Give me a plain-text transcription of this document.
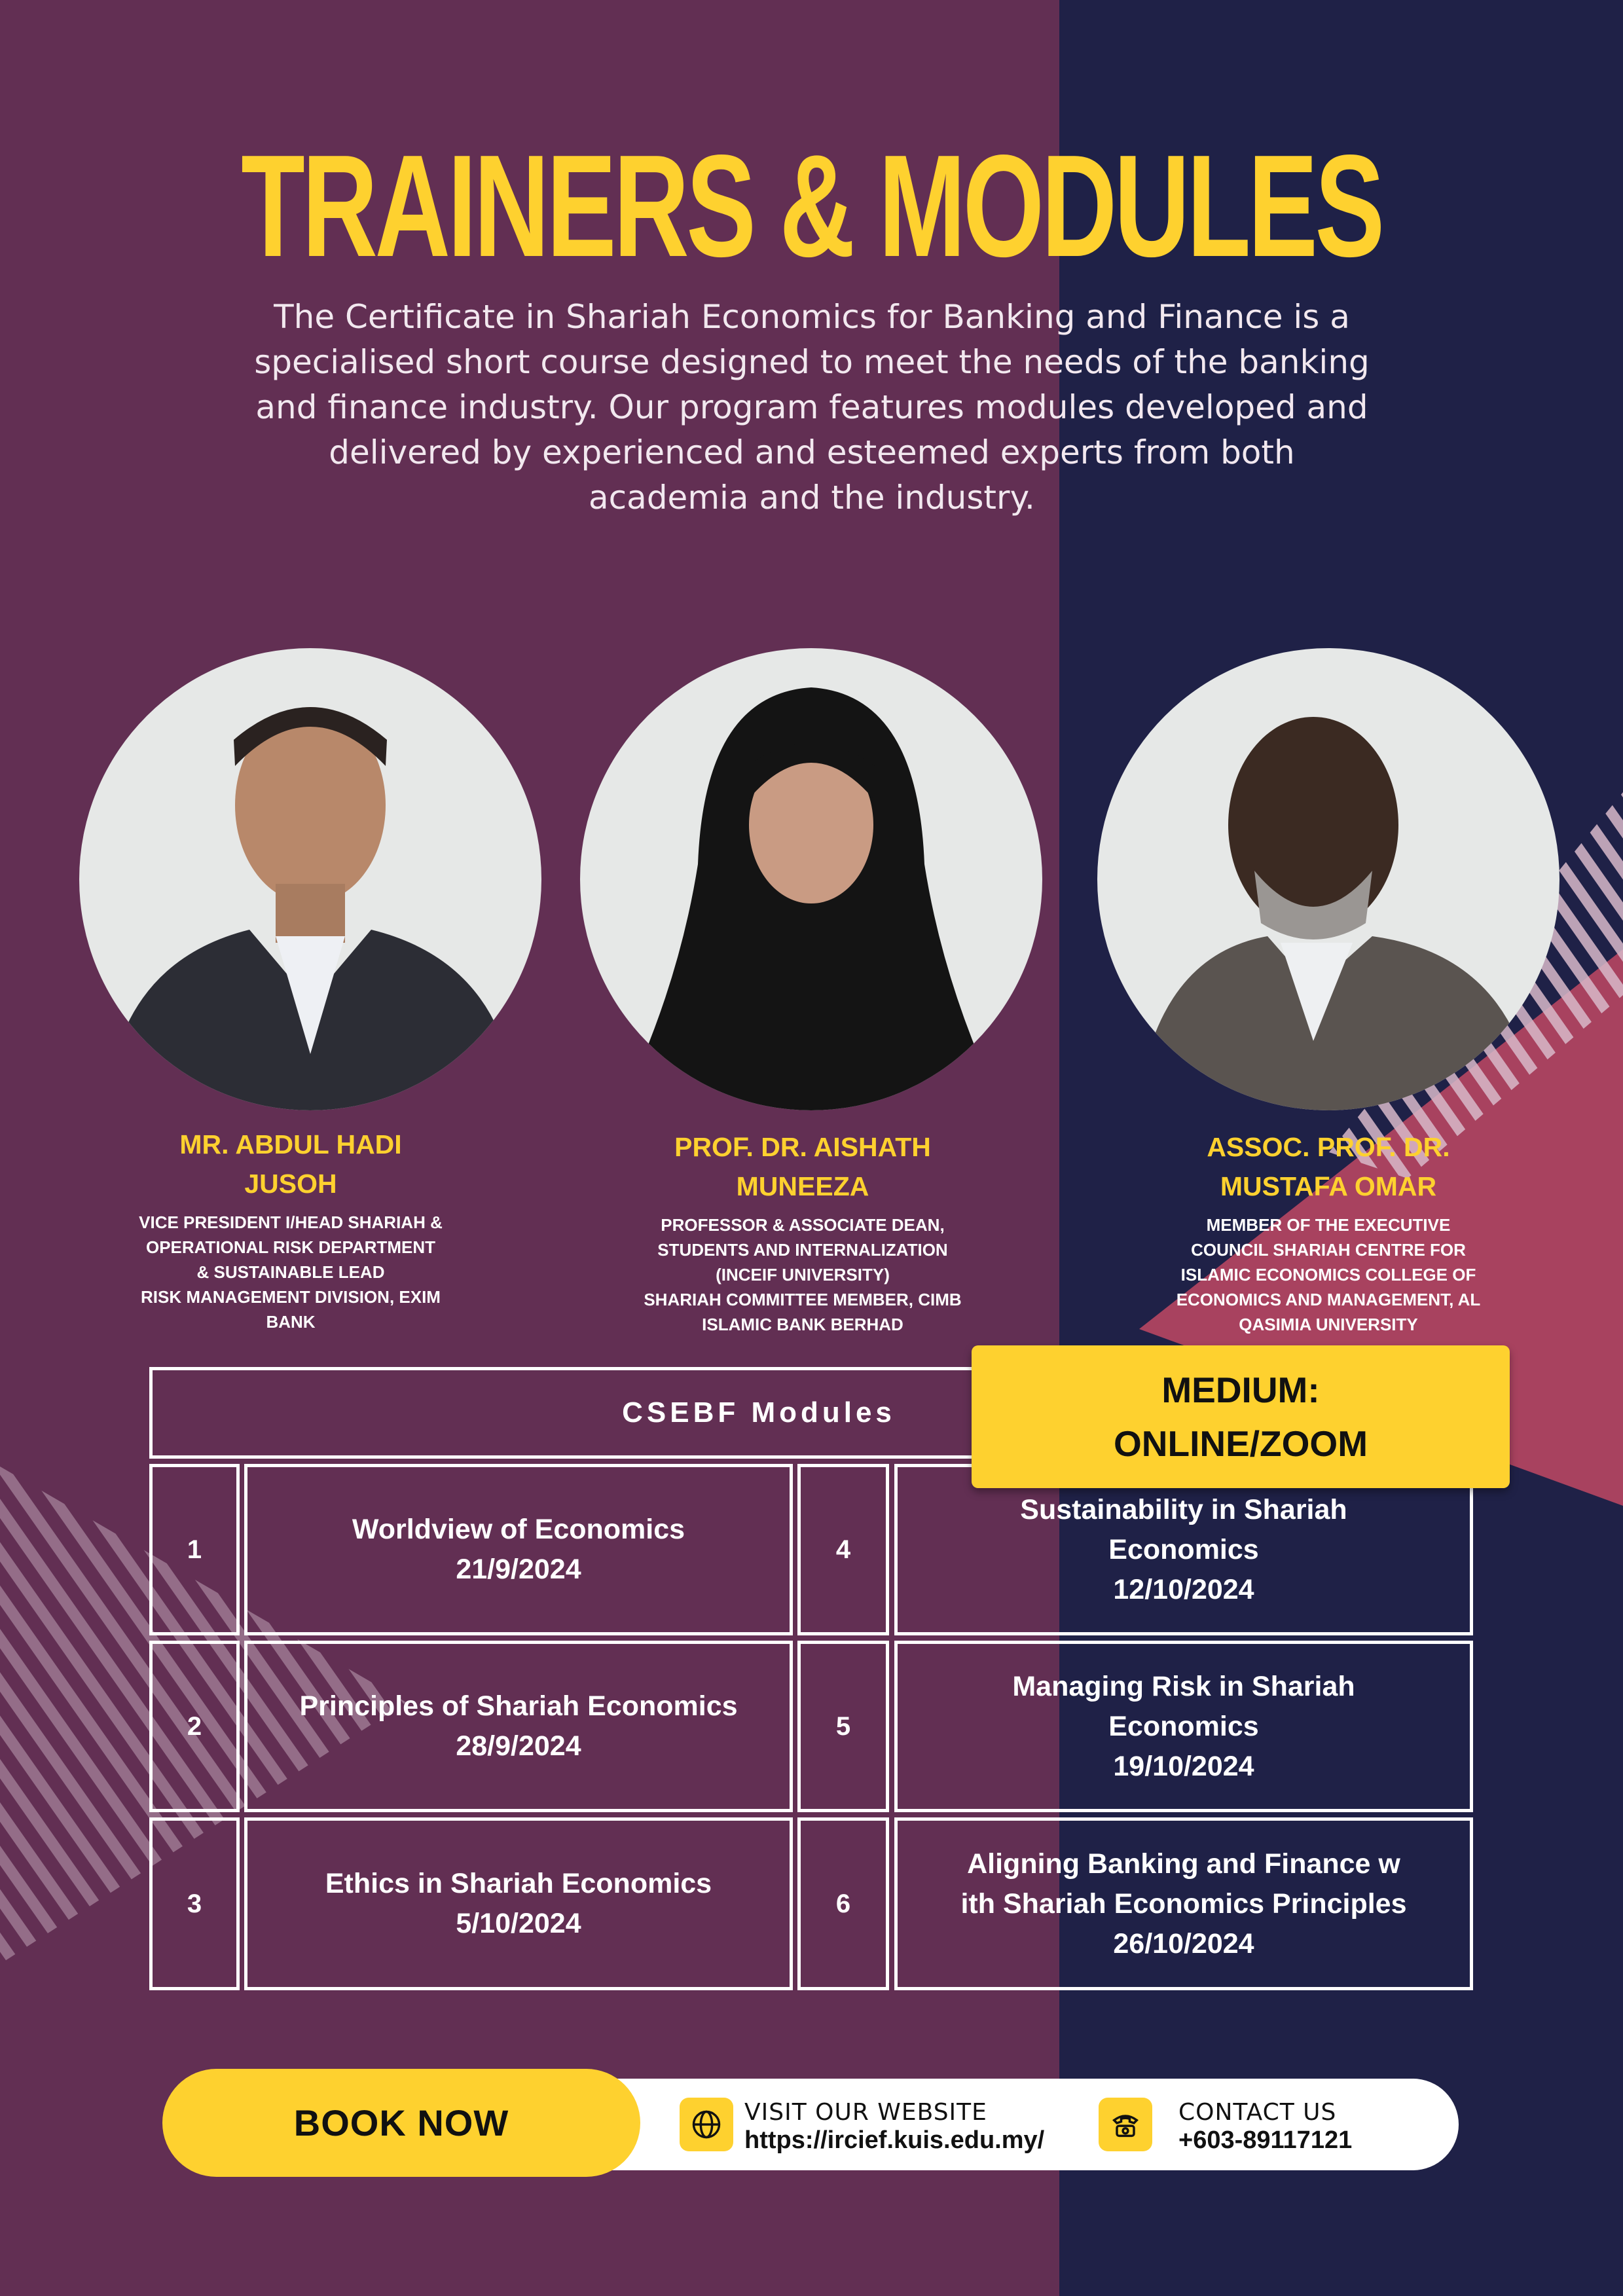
TRAINERS & MODULES
The Certificate in Shariah Economics for Banking and Finance is a specialised short course designed to meet the needs of the banking and finance industry. Our program features modules developed and delivered by experienced and esteemed experts from both academia and the industry.
MR. ABDUL HADI
JUSOH
VICE PRESIDENT I/HEAD SHARIAH &
OPERATIONAL RISK DEPARTMENT
& SUSTAINABLE LEAD
RISK MANAGEMENT DIVISION, EXIM
BANK
PROF. DR. AISHATH
MUNEEZA
PROFESSOR & ASSOCIATE DEAN,
STUDENTS AND INTERNALIZATION
(INCEIF UNIVERSITY)
SHARIAH COMMITTEE MEMBER, CIMB
ISLAMIC BANK BERHAD
ASSOC. PROF. DR.
MUSTAFA OMAR
MEMBER OF THE EXECUTIVE
COUNCIL SHARIAH CENTRE FOR
ISLAMIC ECONOMICS COLLEGE OF
ECONOMICS AND MANAGEMENT, AL
QASIMIA UNIVERSITY
CSEBF Modules
1
Worldview of Economics
21/9/2024
4
Sustainability in Shariah
Economics
12/10/2024
2
Principles of Shariah Economics
28/9/2024
5
Managing Risk in Shariah
Economics
19/10/2024
3
Ethics in Shariah Economics
5/10/2024
6
Aligning Banking and Finance w
ith Shariah Economics Principles
26/10/2024
MEDIUM:
ONLINE/ZOOM
BOOK NOW	VISIT OUR WEBSITE
https://ircief.kuis.edu.my/
CONTACT US
+603-89117121
